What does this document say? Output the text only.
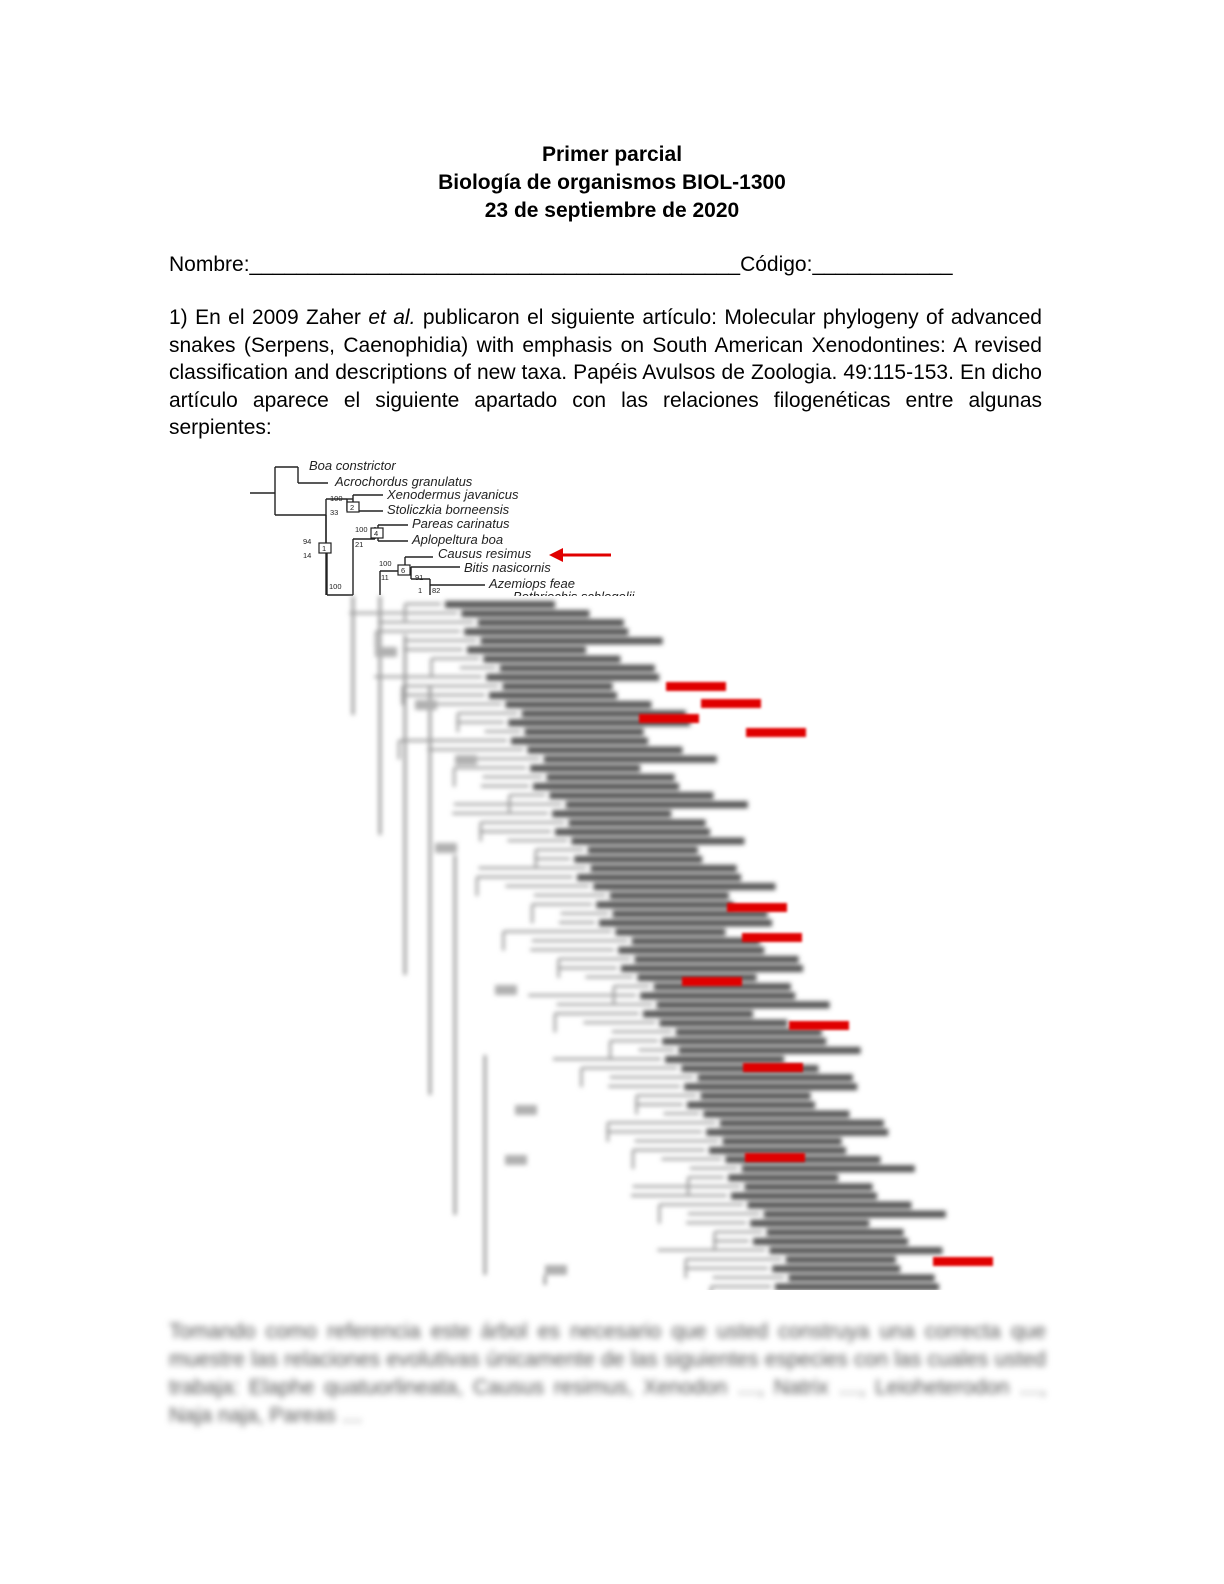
Primer parcial
Biología de organismos BIOL-1300
23 de septiembre de 2020
Nombre:__________________________________________Código:____________
1) En el 2009 Zaher et al. publicaron el siguiente artículo: Molecular phylogeny of advanced snakes (Serpens, Caenophidia) with emphasis on South American Xenodontines: A revised classification and descriptions of new taxa. Papéis Avulsos de Zoologia. 49:115-153. En dicho artículo aparece el siguiente apartado con las relaciones filogenéticas entre algunas serpientes:
2
1
4
6
100
33
100
21
94
14
100
11	91
1 82
100
Boa constrictor
Acrochordus granulatus
Xenodermus javanicus
Stoliczkia borneensis
Pareas carinatus
Aplopeltura boa
Causus resimus
Bitis nasicornis
Azemiops feae
Tomando como referencia este árbol es necesario que usted construya una correcta que muestre las relaciones evolutivas únicamente de las siguientes especies con las cuales usted trabaja: Elaphe quatuorlineata, Causus resimus, Xenodon …, Natrix …, Leioheterodon …, Naja naja, Pareas …
